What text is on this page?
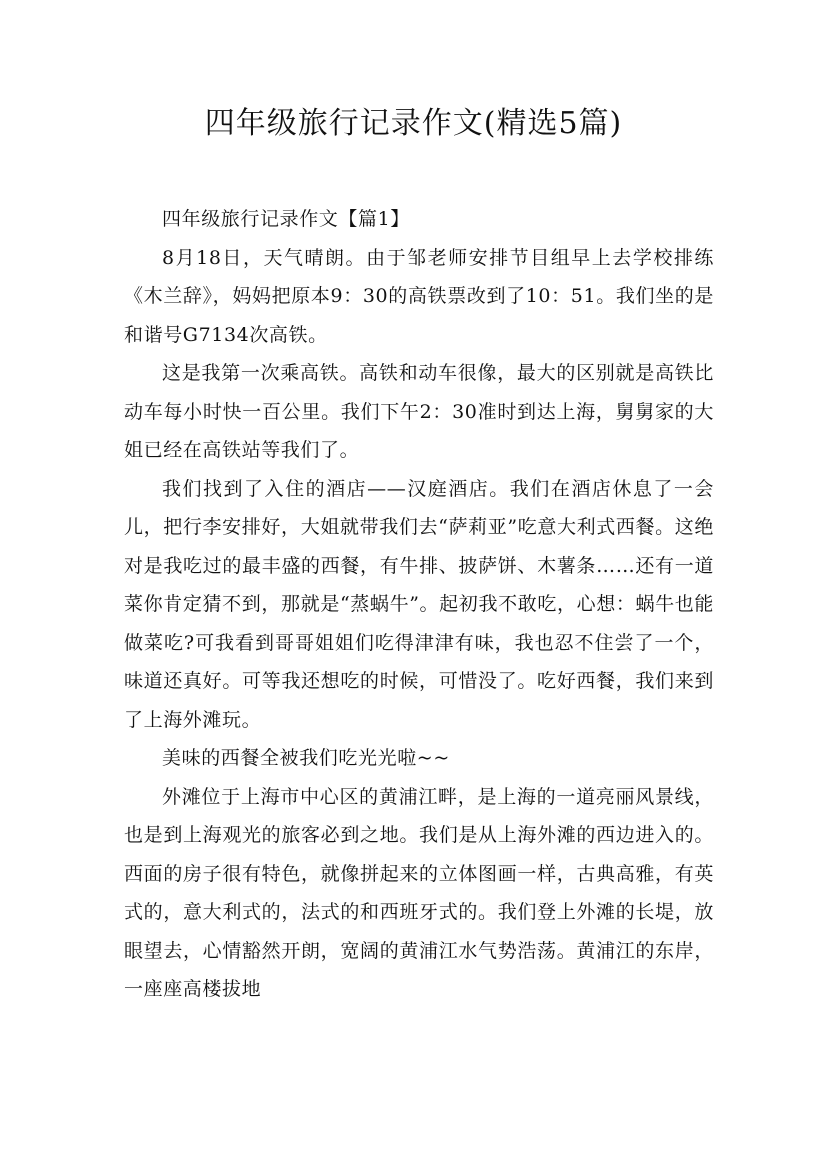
四年级旅行记录作文(精选5篇)

四年级旅行记录作文【篇1】

8月18日，天气晴朗。由于邹老师安排节目组早上去学校排练《木兰辞》，妈妈把原本9：30的高铁票改到了10：51。我们坐的是和谐号G7134次高铁。

这是我第一次乘高铁。高铁和动车很像，最大的区别就是高铁比动车每小时快一百公里。我们下午2：30准时到达上海，舅舅家的大姐已经在高铁站等我们了。

我们找到了入住的酒店——汉庭酒店。我们在酒店休息了一会儿，把行李安排好，大姐就带我们去“萨莉亚”吃意大利式西餐。这绝对是我吃过的最丰盛的西餐，有牛排、披萨饼、木薯条……还有一道菜你肯定猜不到，那就是“蒸蜗牛”。起初我不敢吃，心想：蜗牛也能做菜吃?可我看到哥哥姐姐们吃得津津有味，我也忍不住尝了一个，味道还真好。可等我还想吃的时候，可惜没了。吃好西餐，我们来到了上海外滩玩。

美味的西餐全被我们吃光光啦~~

外滩位于上海市中心区的黄浦江畔，是上海的一道亮丽风景线，也是到上海观光的旅客必到之地。我们是从上海外滩的西边进入的。西面的房子很有特色，就像拼起来的立体图画一样，古典高雅，有英式的，意大利式的，法式的和西班牙式的。我们登上外滩的长堤，放眼望去，心情豁然开朗，宽阔的黄浦江水气势浩荡。黄浦江的东岸，一座座高楼拔地
